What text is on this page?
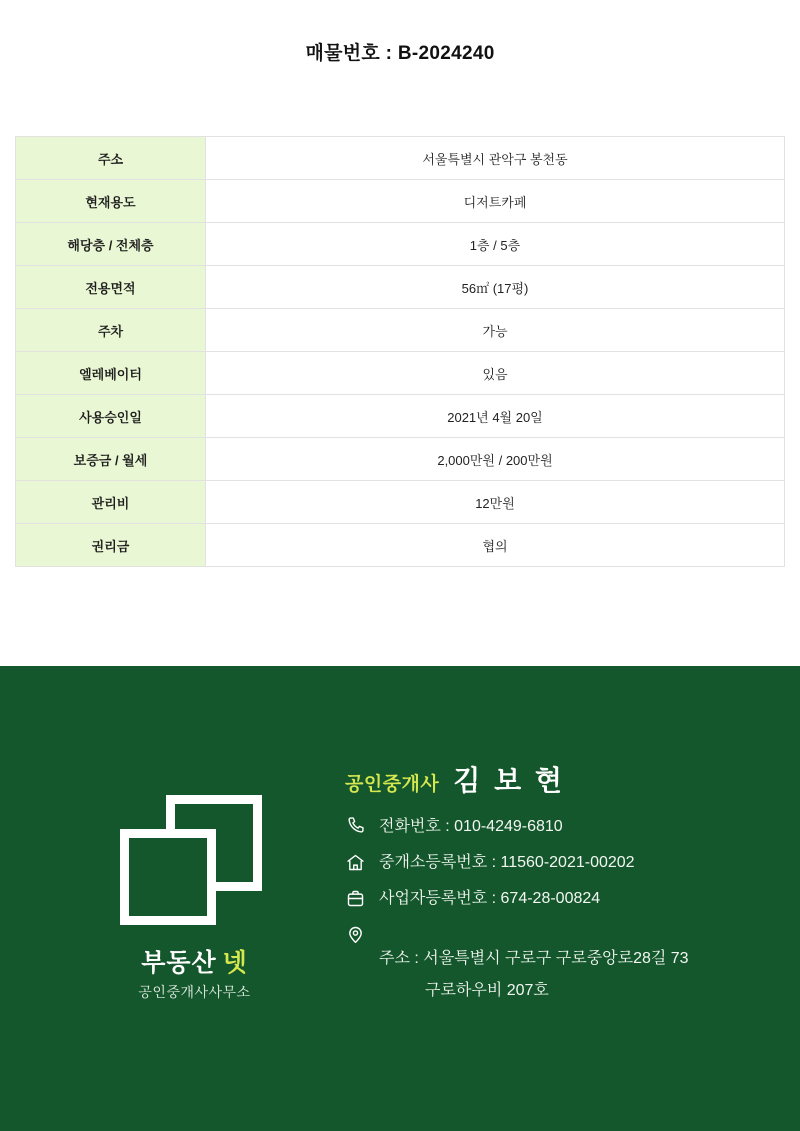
매물번호 : B-2024240
주소	서울특별시 관악구 봉천동
현재용도	디저트카페
해당층 / 전체층	1층 / 5층
전용면적	56㎡ (17평)
주차	가능
엘레베이터	있음
사용승인일	2021년 4월 20일
보증금 / 월세	2,000만원 / 200만원
관리비	12만원
권리금	협의
부동산 넷
공인중개사사무소
공인중개사 김 보 현
전화번호 : 010-4249-6810
중개소등록번호 : 11560-2021-00202
사업자등록번호 : 674-28-00824

주소 : 서울특별시 구로구 구로중앙로28길 73

구로하우비 207호
